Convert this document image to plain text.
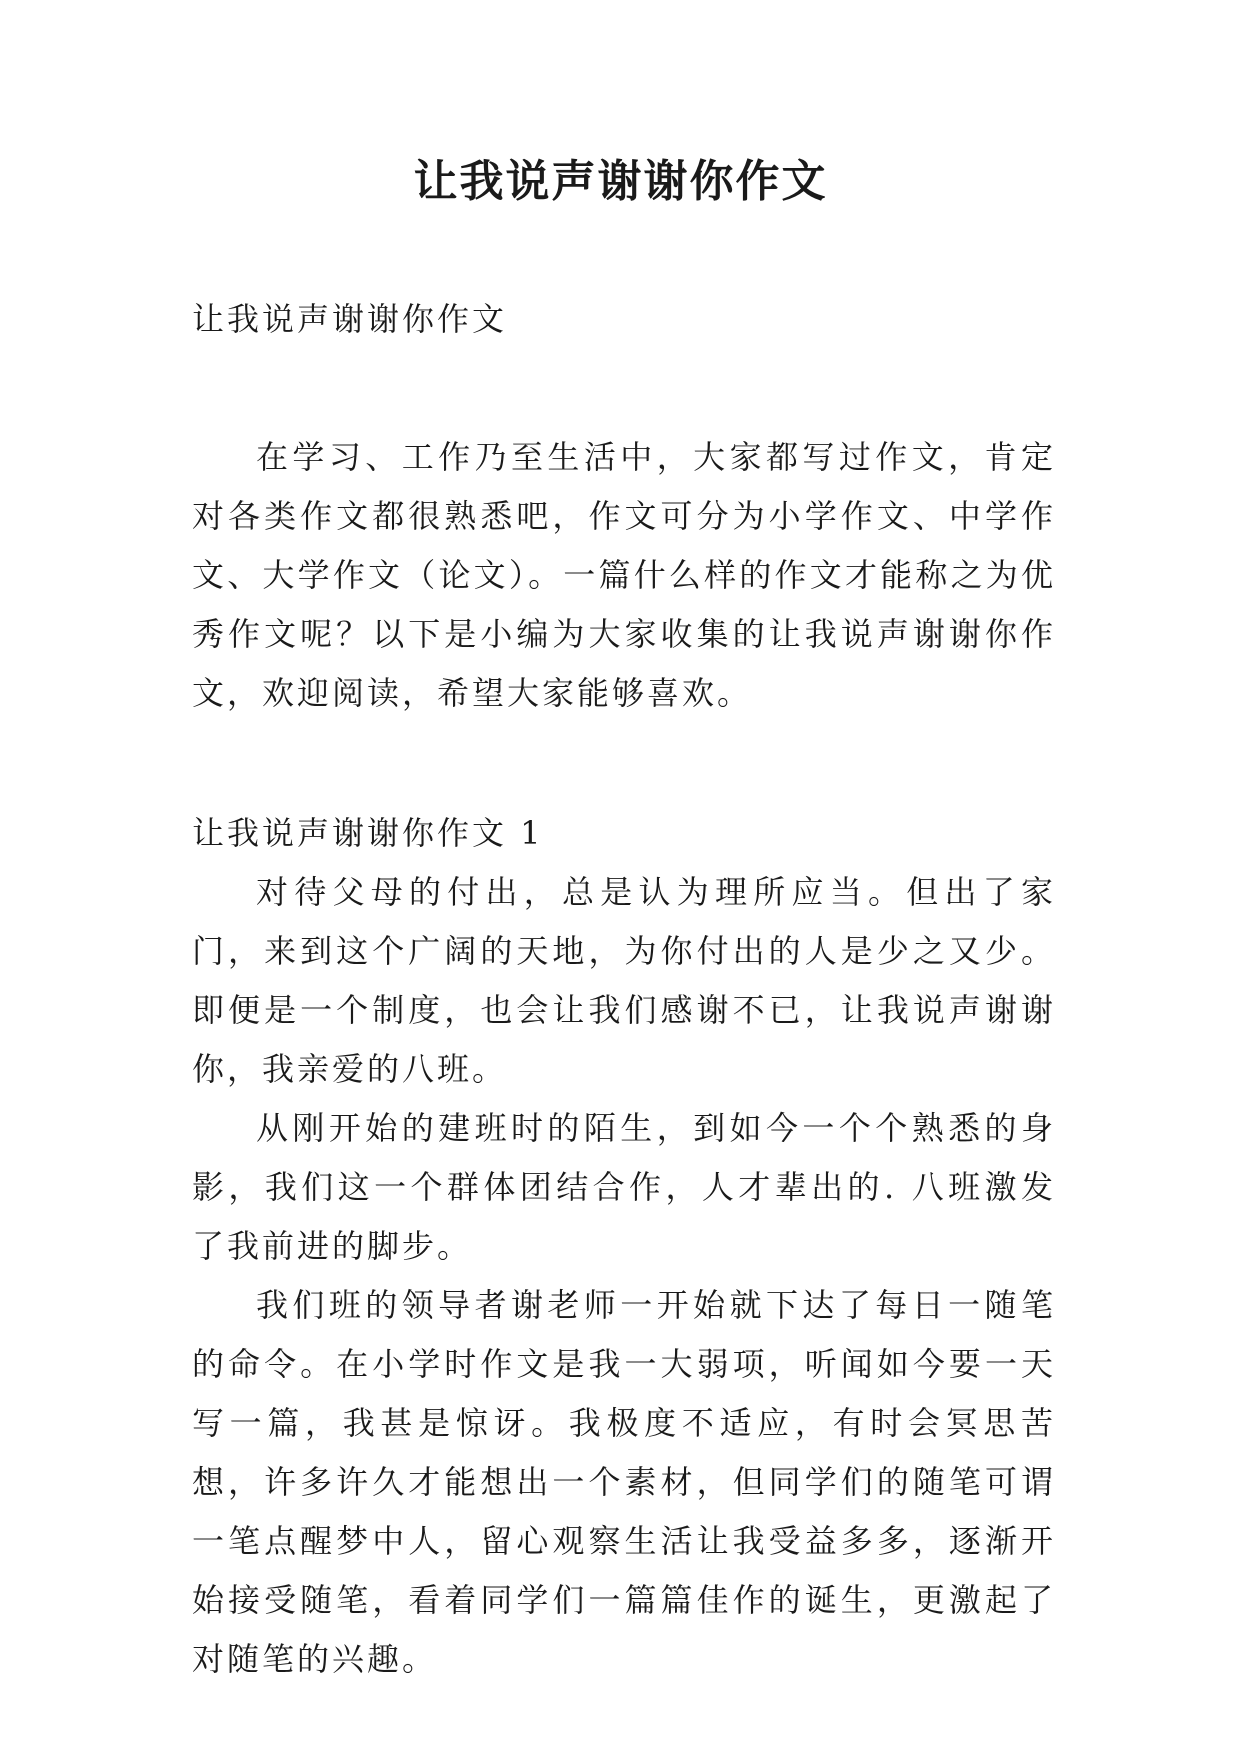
让我说声谢谢你作文

让我说声谢谢你作文

在学习、工作乃至生活中，大家都写过作文，肯定对各类作文都很熟悉吧，作文可分为小学作文、中学作文、大学作文（论文）。一篇什么样的作文才能称之为优秀作文呢？以下是小编为大家收集的让我说声谢谢你作文，欢迎阅读，希望大家能够喜欢。

让我说声谢谢你作文 1

对待父母的付出，总是认为理所应当。但出了家门，来到这个广阔的天地，为你付出的人是少之又少。即便是一个制度，也会让我们感谢不已，让我说声谢谢你，我亲爱的八班。

从刚开始的建班时的陌生，到如今一个个熟悉的身影，我们这一个群体团结合作，人才辈出的. 八班激发了我前进的脚步。

我们班的领导者谢老师一开始就下达了每日一随笔的命令。在小学时作文是我一大弱项，听闻如今要一天写一篇，我甚是惊讶。我极度不适应，有时会冥思苦想，许多许久才能想出一个素材，但同学们的随笔可谓一笔点醒梦中人，留心观察生活让我受益多多，逐渐开始接受随笔，看着同学们一篇篇佳作的诞生，更激起了对随笔的兴趣。
